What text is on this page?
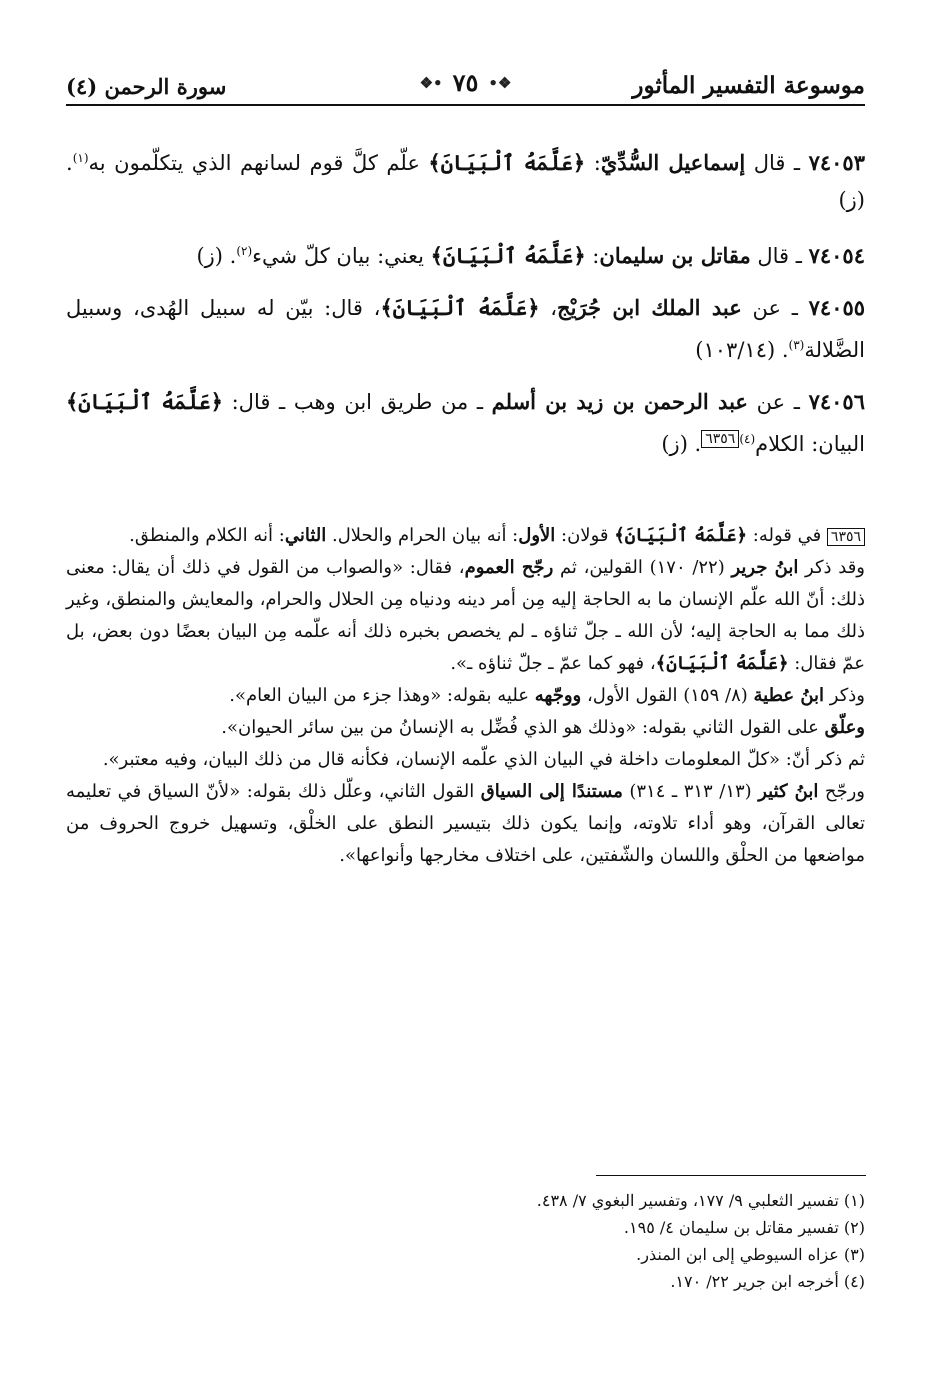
موسوعة التفسير المأثور
❖• ٧٥ •❖
سورة الرحمن (٤)

٧٤٠٥٣ ـ قال إسماعيل السُّدِّيّ: ﴿عَلَّمَهُ ٱلْبَيَانَ﴾ علّم كلَّ قوم لسانهم الذي يتكلّمون به$^{(١)}$. (ز)

٧٤٠٥٤ ـ قال مقاتل بن سليمان: ﴿عَلَّمَهُ ٱلْبَيَانَ﴾ يعني: بيان كلّ شيء$^{(٢)}$. (ز)

٧٤٠٥٥ ـ عن عبد الملك ابن جُرَيْج، ﴿عَلَّمَهُ ٱلْبَيَانَ﴾، قال: بيّن له سبيل الهُدى، وسبيل الضَّلالة$^{(٣)}$. (١٠٣/١٤)

٧٤٠٥٦ ـ عن عبد الرحمن بن زيد بن أسلم ـ من طريق ابن وهب ـ قال: ﴿عَلَّمَهُ ٱلْبَيَانَ﴾ البيان: الكلام$^{(٤)}$٦٣٥٦. (ز)

٦٣٥٦ في قوله: ﴿عَلَّمَهُ ٱلْبَيَانَ﴾ قولان: الأول: أنه بيان الحرام والحلال. الثاني: أنه الكلام والمنطق.

وقد ذكر ابنُ جرير (٢٢/ ١٧٠) القولين، ثم رجّح العموم، فقال: «والصواب من القول في ذلك أن يقال: معنى ذلك: أنّ الله علّم الإنسان ما به الحاجة إليه مِن أمر دينه ودنياه مِن الحلال والحرام، والمعايش والمنطق، وغير ذلك مما به الحاجة إليه؛ لأن الله ـ جلّ ثناؤه ـ لم يخصص بخبره ذلك أنه علّمه مِن البيان بعضًا دون بعض، بل عمّ فقال: ﴿عَلَّمَهُ ٱلْبَيَانَ﴾، فهو كما عمّ ـ جلّ ثناؤه ـ».

وذكر ابنُ عطية (٨/ ١٥٩) القول الأول، ووجّهه عليه بقوله: «وهذا جزء من البيان العام».

وعلّق على القول الثاني بقوله: «وذلك هو الذي فُضِّل به الإنسانُ من بين سائر الحيوان».

ثم ذكر أنّ: «كلّ المعلومات داخلة في البيان الذي علّمه الإنسان، فكأنه قال من ذلك البيان، وفيه معتبر».

ورجّح ابنُ كثير (١٣/ ٣١٣ ـ ٣١٤) مستندًا إلى السياق القول الثاني، وعلّل ذلك بقوله: «لأنّ السياق في تعليمه تعالى القرآن، وهو أداء تلاوته، وإنما يكون ذلك بتيسير النطق على الخلْق، وتسهيل خروج الحروف من مواضعها من الحلْق واللسان والشّفتين، على اختلاف مخارجها وأنواعها».

(١) تفسير الثعلبي ٩/ ١٧٧، وتفسير البغوي ٧/ ٤٣٨.
(٢) تفسير مقاتل بن سليمان ٤/ ١٩٥.
(٣) عزاه السيوطي إلى ابن المنذر.
(٤) أخرجه ابن جرير ٢٢/ ١٧٠.
